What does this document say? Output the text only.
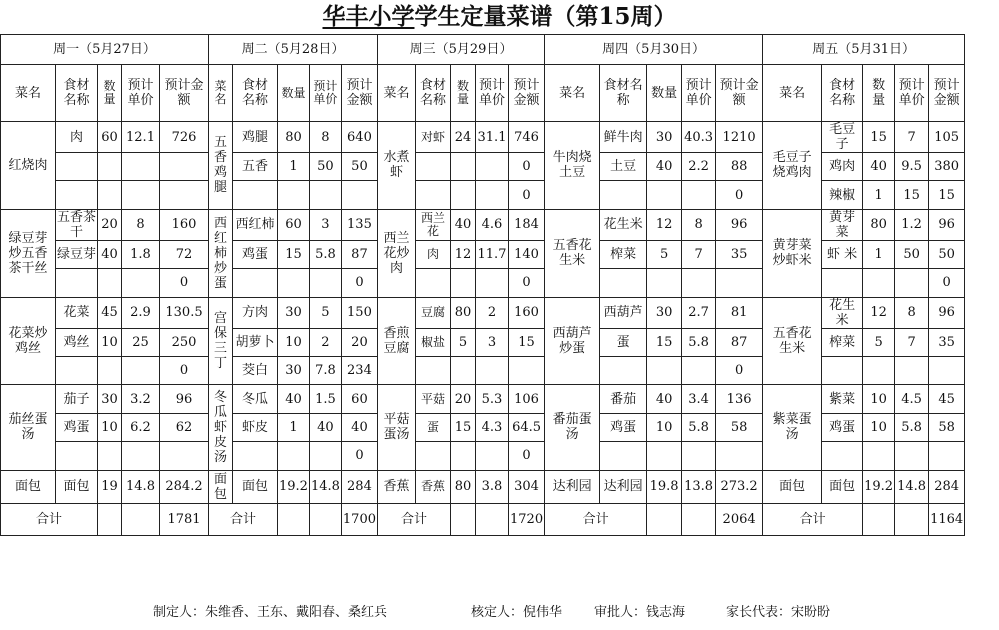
华丰小学学生定量菜谱（第15周）
周一（5月27日）					周二（5月28日）					周三（5月29日）					周四（5月30日）					周五（5月31日）				
菜名	食材名称	数量	预计单价	预计金额	菜名	食材名称	数量	预计单价	预计金额	菜名	食材名称	数量	预计单价	预计金额	菜名	食材名称	数量	预计单价	预计金额	菜名	食材名称	数量	预计单价	预计金额
红烧肉	肉	60	12.1	726	五香鸡腿	鸡腿	80	8	640	水煮虾	对虾	24	31.1	746	牛肉烧土豆	鲜牛肉	30	40.3	1210	毛豆子烧鸡肉	毛豆子	15	7	105
						五香	1	50	50					0		土豆	40	2.2	88		鸡肉	40	9.5	380
														0					0		辣椒	1	15	15
绿豆芽炒五香茶干丝	五香茶干	20	8	160	西红柿炒蛋	西红柿	60	3	135	西兰花炒肉	西兰花	40	4.6	184	五香花生米	花生米	12	8	96	黄芽菜炒虾米	黄芽菜	80	1.2	96
	绿豆芽	40	1.8	72		鸡蛋	15	5.8	87		肉	12	11.7	140		榨菜	5	7	35		虾 米	1	50	50
				0					0					0										0
花菜炒鸡丝	花菜	45	2.9	130.5	宫保三丁	方肉	30	5	150	香煎豆腐	豆腐	80	2	160	西葫芦炒蛋	西葫芦	30	2.7	81	五香花生米	花生米	12	8	96
	鸡丝	10	25	250		胡萝卜	10	2	20		椒盐	5	3	15		蛋	15	5.8	87		榨菜	5	7	35
				0		茭白	30	7.8	234										0					
茄丝蛋汤	茄子	30	3.2	96	冬瓜虾皮汤	冬瓜	40	1.5	60	平菇蛋汤	平菇	20	5.3	106	番茄蛋汤	番茄	40	3.4	136	紫菜蛋汤	紫菜	10	4.5	45
	鸡蛋	10	6.2	62		虾皮	1	40	40		蛋	15	4.3	64.5		鸡蛋	10	5.8	58		鸡蛋	10	5.8	58
									0					0										
面包	面包	19	14.8	284.2	面包	面包	19.2	14.8	284	香蕉	香蕉	80	3.8	304	达利园	达利园	19.8	13.8	273.2	面包	面包	19.2	14.8	284
合计				1781	合计				1700	合计				1720	合计				2064	合计				1164
制定人：朱维香、王东、戴阳春、桑红兵	核定人：倪伟华 审批人：钱志海	家长代表：宋盼盼
